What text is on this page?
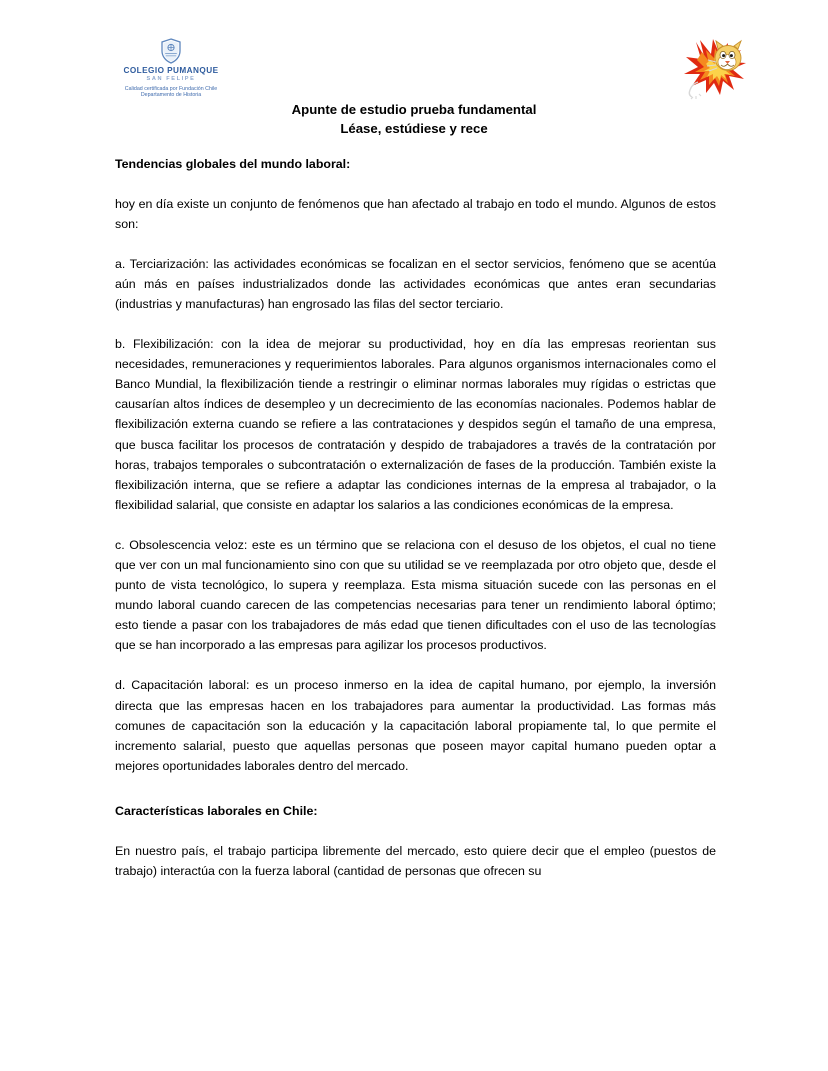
COLEGIO PUMANQUE
SAN FELIPE
Calidad certificada por Fundación Chile
Departamento de Historia
Apunte de estudio prueba fundamental
Léase, estúdiese y rece

Tendencias globales del mundo laboral:

hoy en día existe un conjunto de fenómenos que han afectado al trabajo en todo el mundo. Algunos de estos son:

a. Terciarización: las actividades económicas se focalizan en el sector servicios, fenómeno que se acentúa aún más en países industrializados donde las actividades económicas que antes eran secundarias (industrias y manufacturas) han engrosado las filas del sector terciario.

b. Flexibilización: con la idea de mejorar su productividad, hoy en día las empresas reorientan sus necesidades, remuneraciones y requerimientos laborales. Para algunos organismos internacionales como el Banco Mundial, la flexibilización tiende a restringir o eliminar normas laborales muy rígidas o estrictas que causarían altos índices de desempleo y un decrecimiento de las economías nacionales. Podemos hablar de flexibilización externa cuando se refiere a las contrataciones y despidos según el tamaño de una empresa, que busca facilitar los procesos de contratación y despido de trabajadores a través de la contratación por horas, trabajos temporales o subcontratación o externalización de fases de la producción. También existe la flexibilización interna, que se refiere a adaptar las condiciones internas de la empresa al trabajador, o la flexibilidad salarial, que consiste en adaptar los salarios a las condiciones económicas de la empresa.

c. Obsolescencia veloz: este es un término que se relaciona con el desuso de los objetos, el cual no tiene que ver con un mal funcionamiento sino con que su utilidad se ve reemplazada por otro objeto que, desde el punto de vista tecnológico, lo supera y reemplaza. Esta misma situación sucede con las personas en el mundo laboral cuando carecen de las competencias necesarias para tener un rendimiento laboral óptimo; esto tiende a pasar con los trabajadores de más edad que tienen dificultades con el uso de las tecnologías que se han incorporado a las empresas para agilizar los procesos productivos.

d. Capacitación laboral: es un proceso inmerso en la idea de capital humano, por ejemplo, la inversión directa que las empresas hacen en los trabajadores para aumentar la productividad. Las formas más comunes de capacitación son la educación y la capacitación laboral propiamente tal, lo que permite el incremento salarial, puesto que aquellas personas que poseen mayor capital humano pueden optar a mejores oportunidades laborales dentro del mercado.

Características laborales en Chile:

En nuestro país, el trabajo participa libremente del mercado, esto quiere decir que el empleo (puestos de trabajo) interactúa con la fuerza laboral (cantidad de personas que ofrecen su
